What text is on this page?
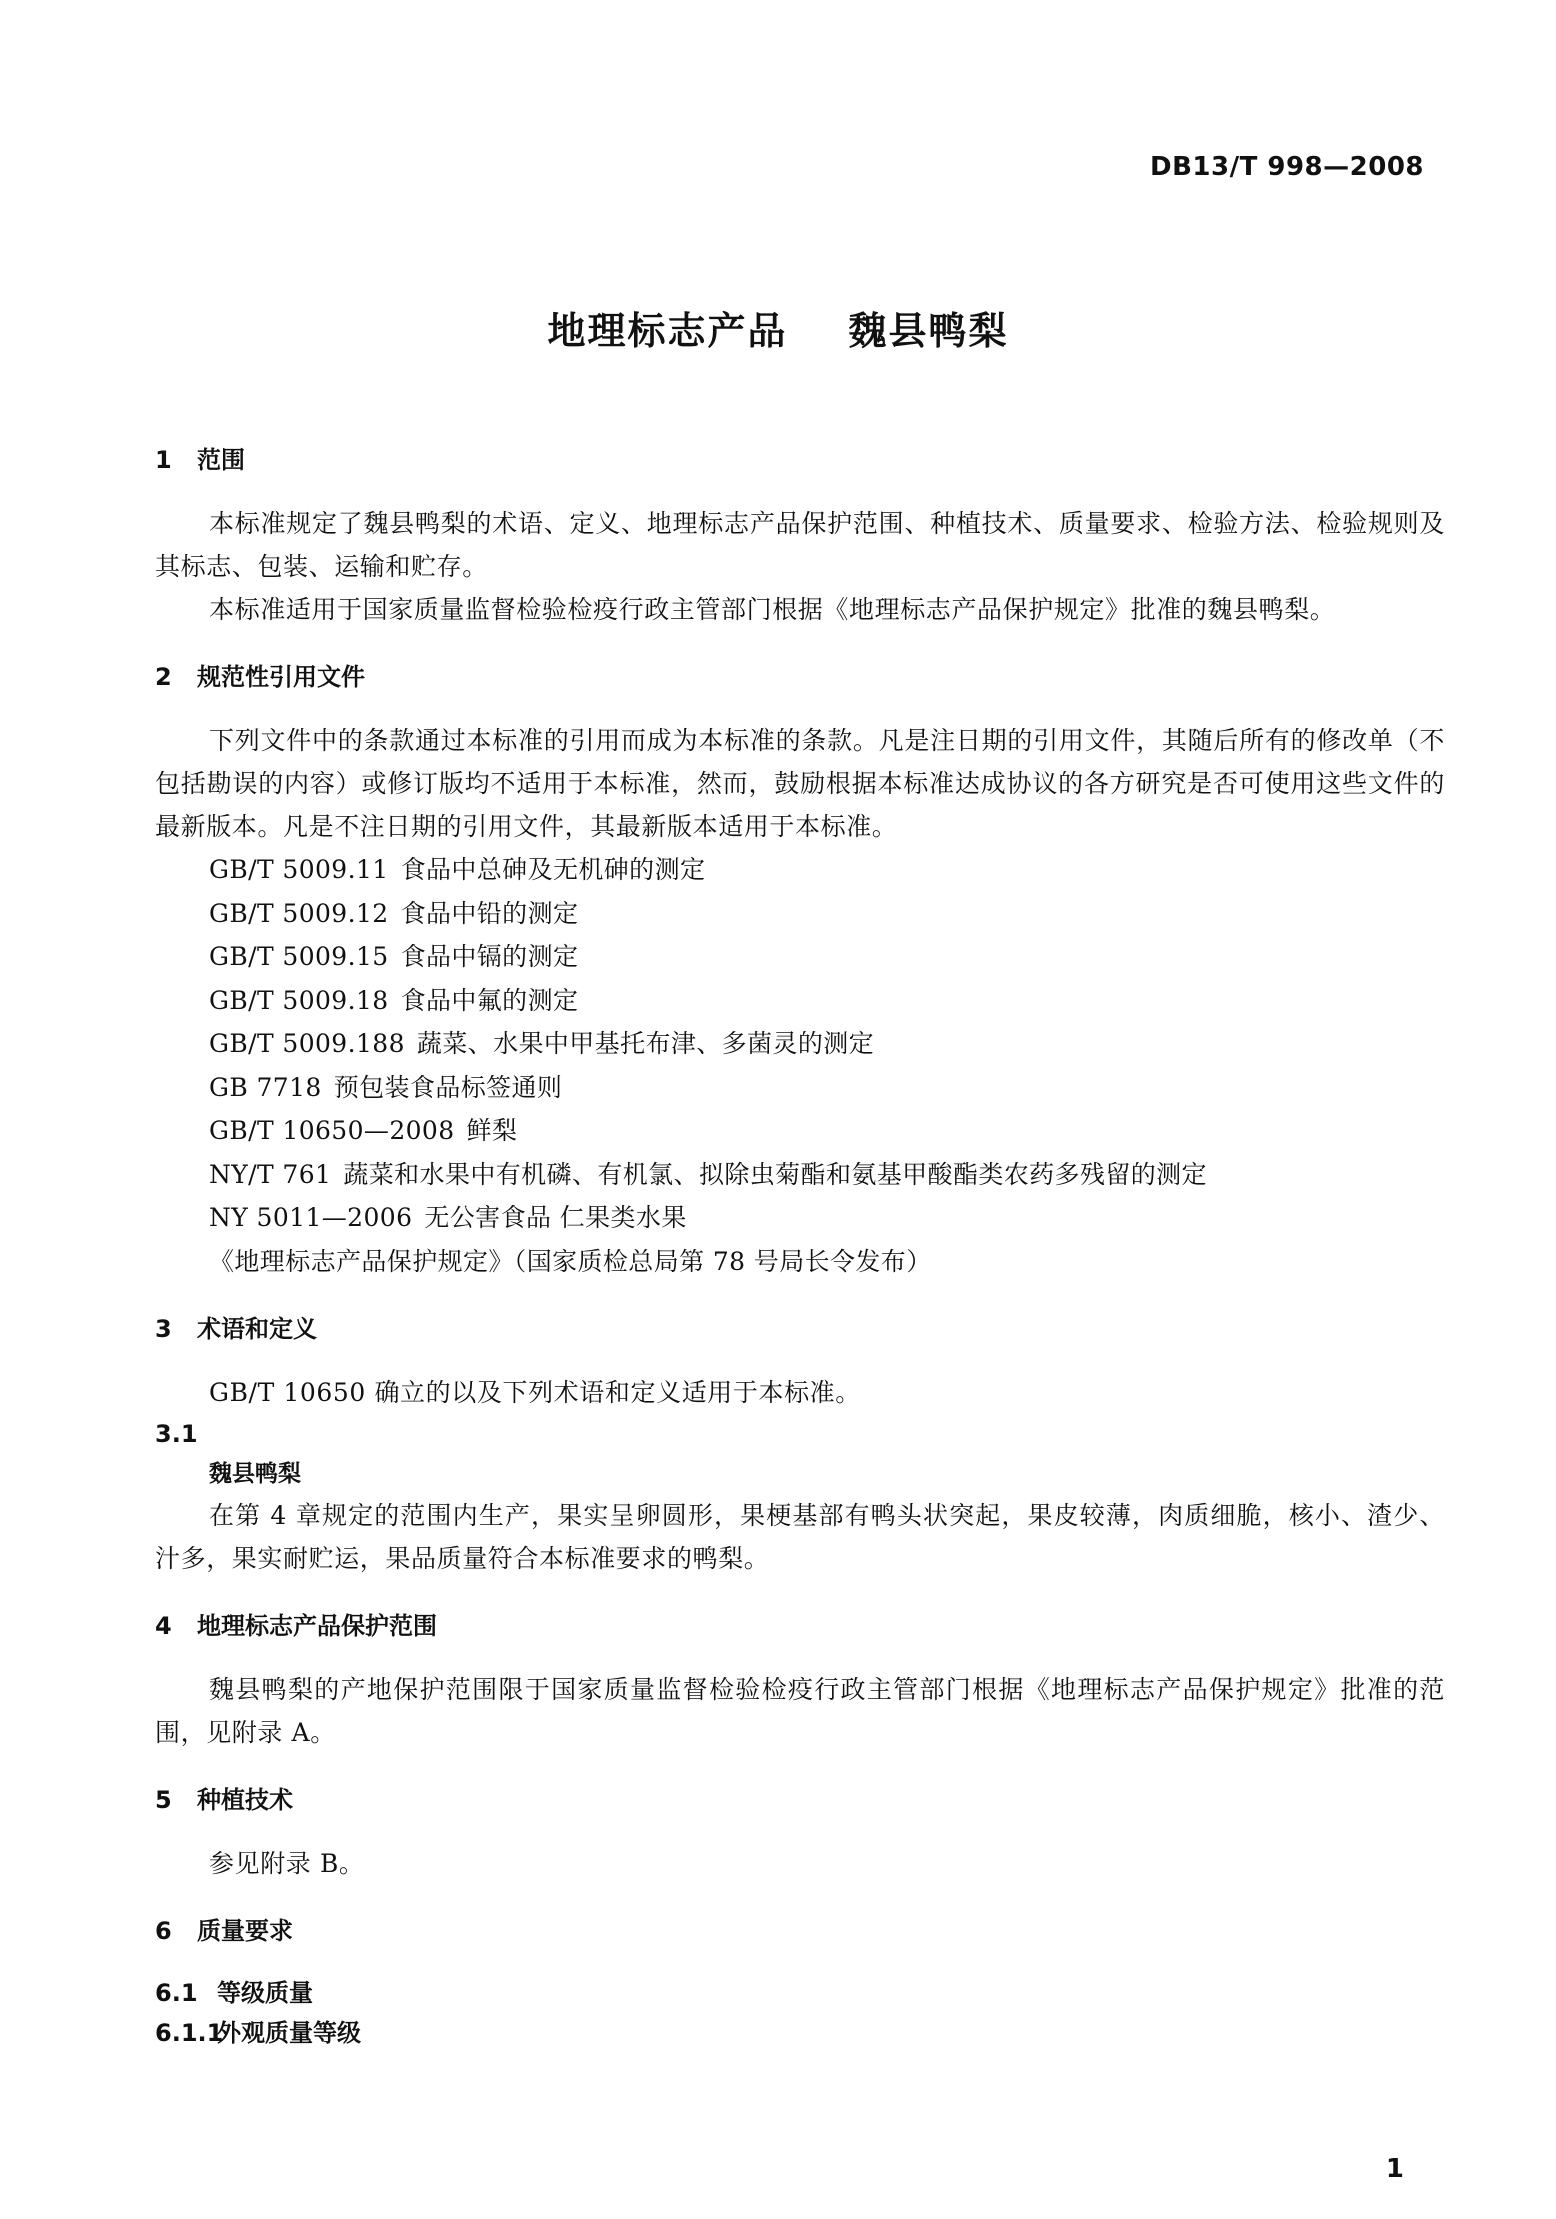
DB13/T 998—2008
地理标志产品 魏县鸭梨
1 范围

本标准规定了魏县鸭梨的术语、定义、地理标志产品保护范围、种植技术、质量要求、检验方法、检验规则及其标志、包装、运输和贮存。

本标准适用于国家质量监督检验检疫行政主管部门根据《地理标志产品保护规定》批准的魏县鸭梨。

2 规范性引用文件

下列文件中的条款通过本标准的引用而成为本标准的条款。凡是注日期的引用文件，其随后所有的修改单（不包括勘误的内容）或修订版均不适用于本标准，然而，鼓励根据本标准达成协议的各方研究是否可使用这些文件的最新版本。凡是不注日期的引用文件，其最新版本适用于本标准。

GB/T 5009.11 食品中总砷及无机砷的测定

GB/T 5009.12 食品中铅的测定

GB/T 5009.15 食品中镉的测定

GB/T 5009.18 食品中氟的测定

GB/T 5009.188 蔬菜、水果中甲基托布津、多菌灵的测定

GB 7718 预包装食品标签通则

GB/T 10650—2008 鲜梨

NY/T 761 蔬菜和水果中有机磷、有机氯、拟除虫菊酯和氨基甲酸酯类农药多残留的测定

NY 5011—2006 无公害食品 仁果类水果

《地理标志产品保护规定》（国家质检总局第 78 号局长令发布）

3 术语和定义

GB/T 10650 确立的以及下列术语和定义适用于本标准。

3.1

魏县鸭梨

在第 4 章规定的范围内生产，果实呈卵圆形，果梗基部有鸭头状突起，果皮较薄，肉质细脆，核小、渣少、汁多，果实耐贮运，果品质量符合本标准要求的鸭梨。

4 地理标志产品保护范围

魏县鸭梨的产地保护范围限于国家质量监督检验检疫行政主管部门根据《地理标志产品保护规定》批准的范围，见附录 A。

5 种植技术

参见附录 B。

6 质量要求
6.1 等级质量
6.1.1外观质量等级
1
